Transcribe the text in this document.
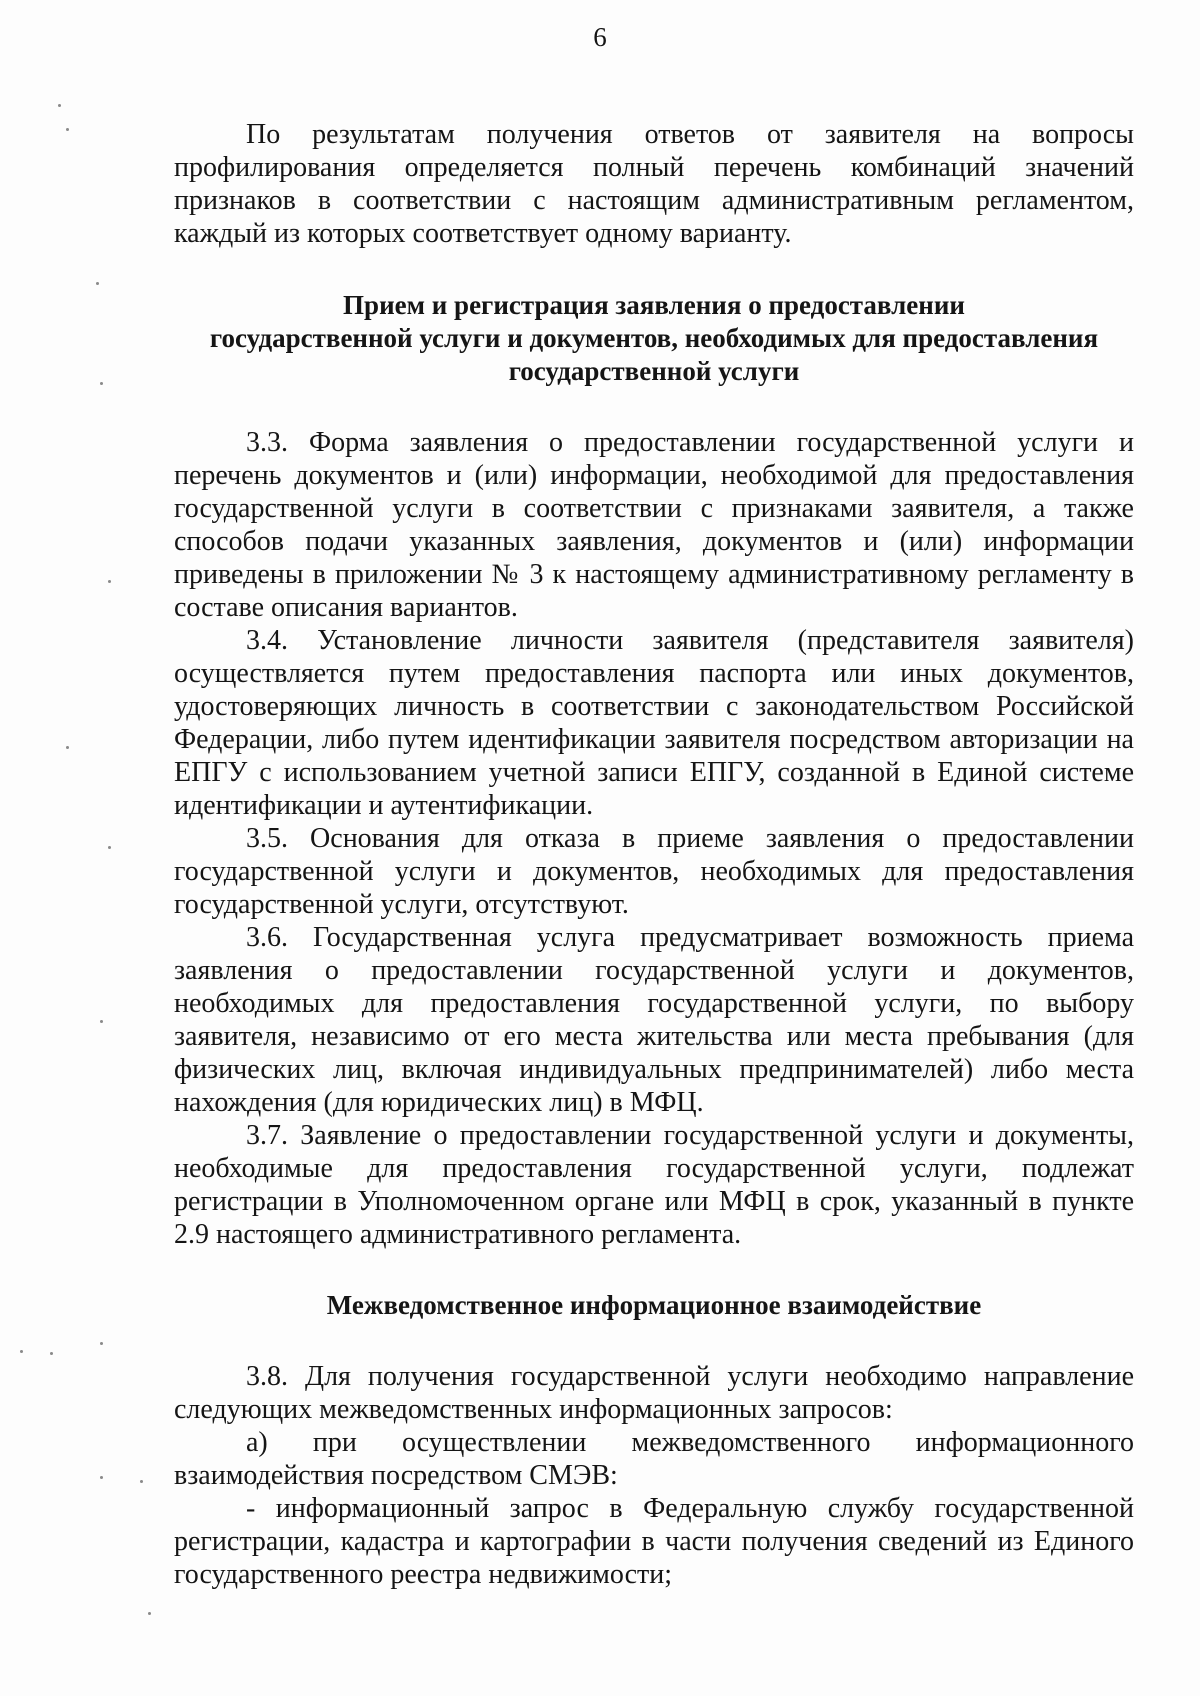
6

По результатам получения ответов от заявителя на вопросы профилирования определяется полный перечень комбинаций значений признаков в соответствии с настоящим административным регламентом, каждый из которых соответствует одному варианту.

Прием и регистрация заявления о предоставлении
государственной услуги и документов, необходимых для предоставления
государственной услуги

3.3. Форма заявления о предоставлении государственной услуги и перечень документов и (или) информации, необходимой для предоставления государственной услуги в соответствии с признаками заявителя, а также способов подачи указанных заявления, документов и (или) информации приведены в приложении № 3 к настоящему административному регламенту в составе описания вариантов.

3.4. Установление личности заявителя (представителя заявителя) осуществляется путем предоставления паспорта или иных документов, удостоверяющих личность в соответствии с законодательством Российской Федерации, либо путем идентификации заявителя посредством авторизации на ЕПГУ с использованием учетной записи ЕПГУ, созданной в Единой системе идентификации и аутентификации.

3.5. Основания для отказа в приеме заявления о предоставлении государственной услуги и документов, необходимых для предоставления государственной услуги, отсутствуют.

3.6. Государственная услуга предусматривает возможность приема заявления о предоставлении государственной услуги и документов, необходимых для предоставления государственной услуги, по выбору заявителя, независимо от его места жительства или места пребывания (для физических лиц, включая индивидуальных предпринимателей) либо места нахождения (для юридических лиц) в МФЦ.

3.7. Заявление о предоставлении государственной услуги и документы, необходимые для предоставления государственной услуги, подлежат регистрации в Уполномоченном органе или МФЦ в срок, указанный в пункте 2.9 настоящего административного регламента.

Межведомственное информационное взаимодействие

3.8. Для получения государственной услуги необходимо направление следующих межведомственных информационных запросов:

а) при осуществлении межведомственного информационного взаимодействия посредством СМЭВ:

- информационный запрос в Федеральную службу государственной регистрации, кадастра и картографии в части получения сведений из Единого государственного реестра недвижимости;
